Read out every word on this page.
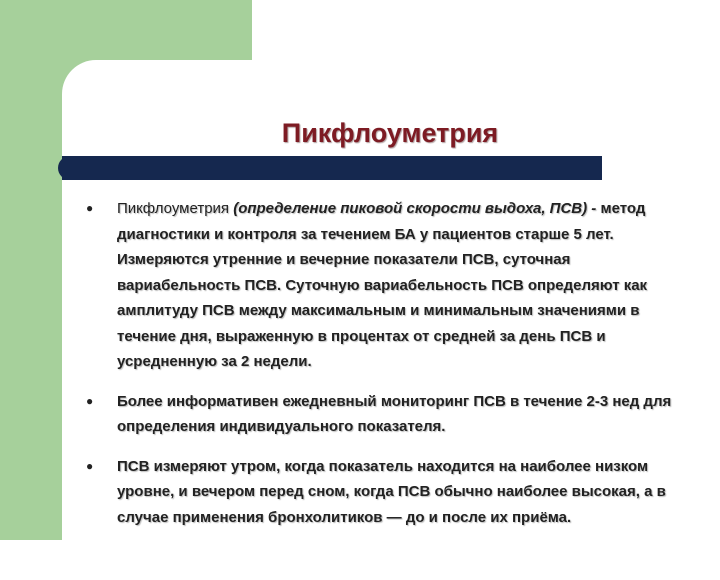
Пикфлоуметрия
●	Пикфлоуметрия (определение пиковой скорости выдоха, ПСВ) - метод диагностики и контроля за течением БА у пациентов старше 5 лет. Измеряются утренние и вечерние показатели ПСВ, суточная вариабельность ПСВ. Суточную вариабельность ПСВ определяют как амплитуду ПСВ между максимальным и минимальным значениями в течение дня, выраженную в процентах от средней за день ПСВ и усредненную за 2 недели.
●	Более информативен ежедневный мониторинг ПСВ в течение 2-3 нед для определения индивидуального показателя.
●	ПСВ измеряют утром, когда показатель находится на наиболее низком уровне, и вечером перед сном, когда ПСВ обычно наиболее высокая, а в случае применения бронхолитиков — до и после их приёма.
